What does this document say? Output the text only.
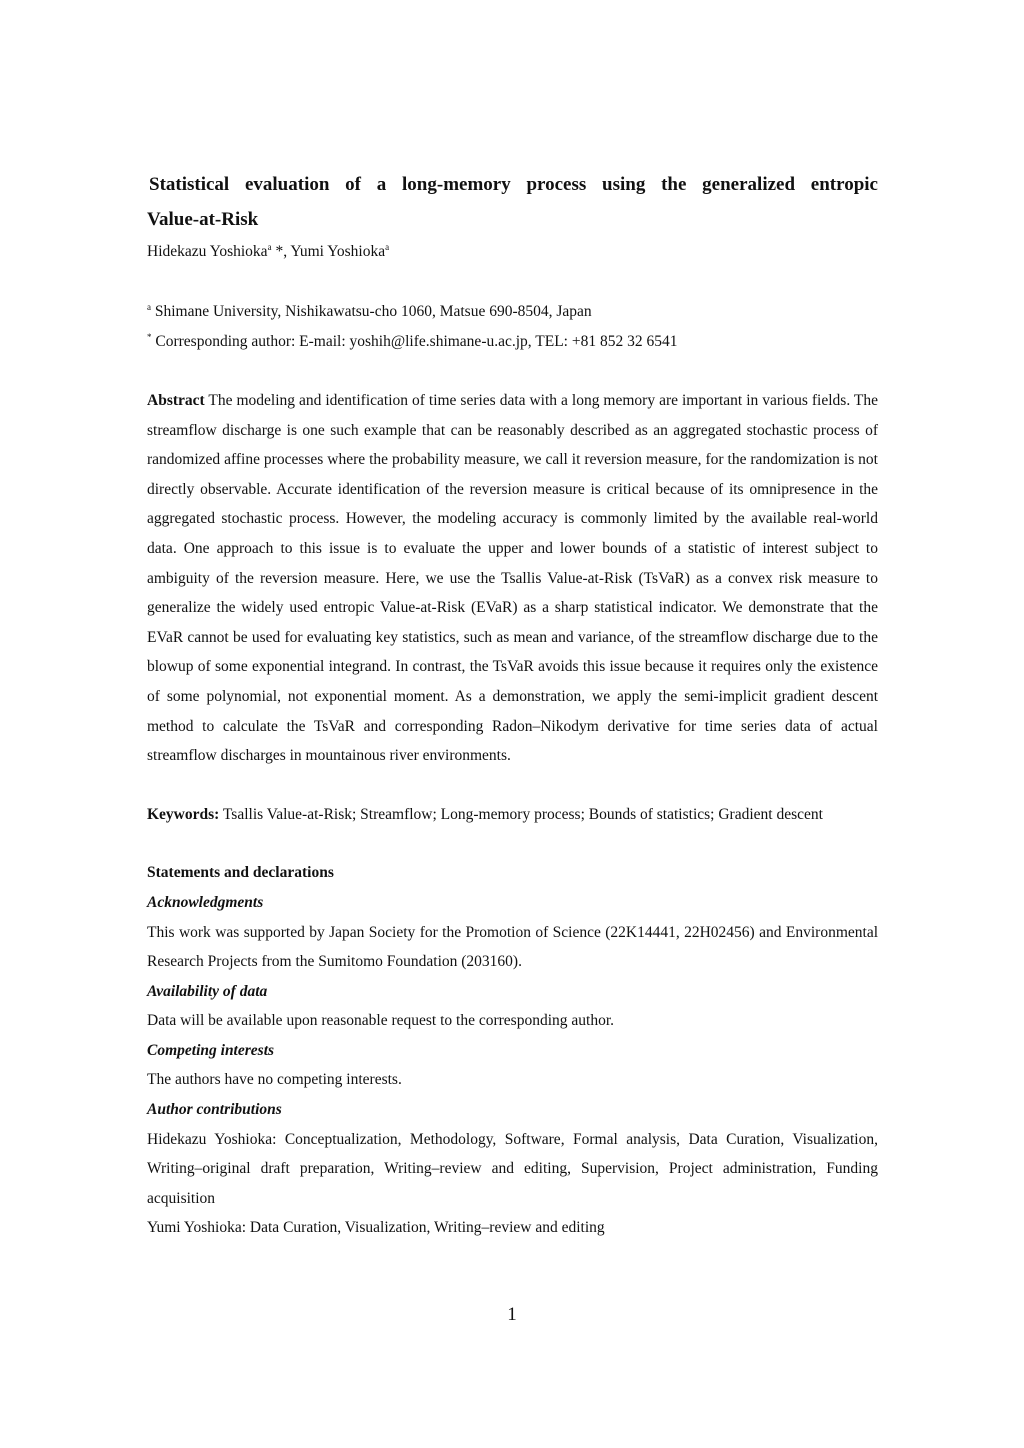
Statistical evaluation of a long-memory process using the generalized entropic
Value-at-Risk

Hidekazu Yoshioka$^a$ *, Yumi Yoshioka$^a$

$^a$ Shimane University, Nishikawatsu-cho 1060, Matsue 690-8504, Japan

* Corresponding author: E-mail: yoshih@life.shimane-u.ac.jp, TEL: +81 852 32 6541

Abstract The modeling and identification of time series data with a long memory are important in various fields. The streamflow discharge is one such example that can be reasonably described as an aggregated stochastic process of randomized affine processes where the probability measure, we call it reversion measure, for the randomization is not directly observable. Accurate identification of the reversion measure is critical because of its omnipresence in the aggregated stochastic process. However, the modeling accuracy is commonly limited by the available real-world data. One approach to this issue is to evaluate the upper and lower bounds of a statistic of interest subject to ambiguity of the reversion measure. Here, we use the Tsallis Value-at-Risk (TsVaR) as a convex risk measure to generalize the widely used entropic Value-at-Risk (EVaR) as a sharp statistical indicator. We demonstrate that the EVaR cannot be used for evaluating key statistics, such as mean and variance, of the streamflow discharge due to the blowup of some exponential integrand. In contrast, the TsVaR avoids this issue because it requires only the existence of some polynomial, not exponential moment. As a demonstration, we apply the semi-implicit gradient descent method to calculate the TsVaR and corresponding Radon–Nikodym derivative for time series data of actual streamflow discharges in mountainous river environments.

Keywords: Tsallis Value-at-Risk; Streamflow; Long-memory process; Bounds of statistics; Gradient descent

Statements and declarations

Acknowledgments

This work was supported by Japan Society for the Promotion of Science (22K14441, 22H02456) and Environmental Research Projects from the Sumitomo Foundation (203160).

Availability of data

Data will be available upon reasonable request to the corresponding author.

Competing interests

The authors have no competing interests.

Author contributions

Hidekazu Yoshioka: Conceptualization, Methodology, Software, Formal analysis, Data Curation, Visualization, Writing–original draft preparation, Writing–review and editing, Supervision, Project administration, Funding acquisition

Yumi Yoshioka: Data Curation, Visualization, Writing–review and editing

1
